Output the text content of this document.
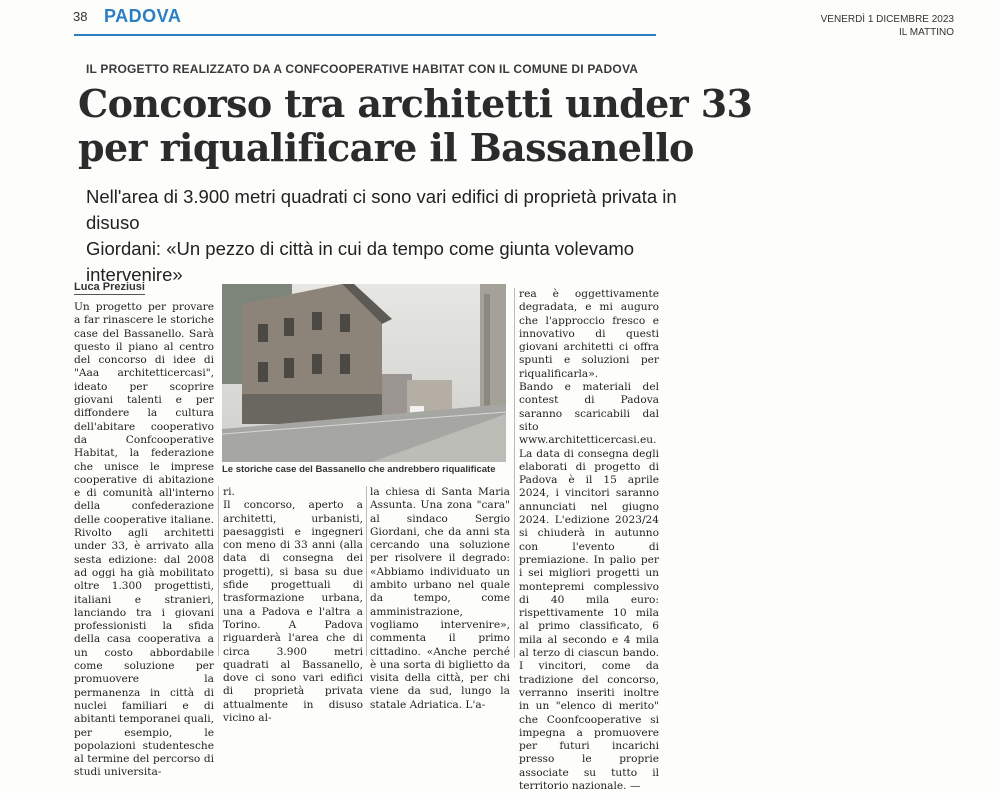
38 PADOVA	VENERDÌ 1 DICEMBRE 2023
IL MATTINO
IL PROGETTO REALIZZATO DA A CONFCOOPERATIVE HABITAT CON IL COMUNE DI PADOVA
Concorso tra architetti under 33
per riqualificare il Bassanello
Nell'area di 3.900 metri quadrati ci sono vari edifici di proprietà privata in disuso
Giordani: «Un pezzo di città in cui da tempo come giunta volevamo intervenire»
Luca Preziusi
Un progetto per provare a far rinascere le storiche case del Bassanello. Sarà questo il piano al centro del concorso di idee di "Aaa architetticercasi", ideato per scoprire giovani talenti e per diffondere la cultura dell'abitare cooperativo da Confcooperative Habitat, la federazione che unisce le imprese cooperative di abitazione e di comunità all'interno della confederazione delle cooperative italiane. Rivolto agli architetti under 33, è arrivato alla sesta edizione: dal 2008 ad oggi ha già mobilitato oltre 1.300 progettisti, italiani e stranieri, lanciando tra i giovani professionisti la sfida della casa cooperativa a un costo abbordabile come soluzione per promuovere la permanenza in città di nuclei familiari e di abitanti temporanei quali, per esempio, le popolazioni studentesche al termine del percorso di studi universita-
Le storiche case del Bassanello che andrebbero riqualificate
ri.
Il concorso, aperto a architetti, urbanisti, paesaggisti e ingegneri con meno di 33 anni (alla data di consegna dei progetti), si basa su due sfide progettuali di trasformazione urbana, una a Padova e l'altra a Torino. A Padova riguarderà l'area che di circa 3.900 metri quadrati al Bassanello, dove ci sono vari edifici di proprietà privata attualmente in disuso vicino al-
la chiesa di Santa Maria Assunta. Una zona "cara" al sindaco Sergio Giordani, che da anni sta cercando una soluzione per risolvere il degrado: «Abbiamo individuato un ambito urbano nel quale da tempo, come amministrazione, vogliamo intervenire», commenta il primo cittadino. «Anche perché è una sorta di biglietto da visita della città, per chi viene da sud, lungo la statale Adriatica. L'a-
rea è oggettivamente degradata, e mi auguro che l'approccio fresco e innovativo di questi giovani architetti ci offra spunti e soluzioni per riqualificarla».
Bando e materiali del contest di Padova saranno scaricabili dal sito www.architetticercasi.eu. La data di consegna degli elaborati di progetto di Padova è il 15 aprile 2024, i vincitori saranno annunciati nel giugno 2024. L'edizione 2023/24 si chiuderà in autunno con l'evento di premiazione. In palio per i sei migliori progetti un montepremi complessivo di 40 mila euro: rispettivamente 10 mila al primo classificato, 6 mila al secondo e 4 mila al terzo di ciascun bando. I vincitori, come da tradizione del concorso, verranno inseriti inoltre in un "elenco di merito" che Coonfcooperative si impegna a promuovere per futuri incarichi presso le proprie associate su tutto il territorio nazionale. —
